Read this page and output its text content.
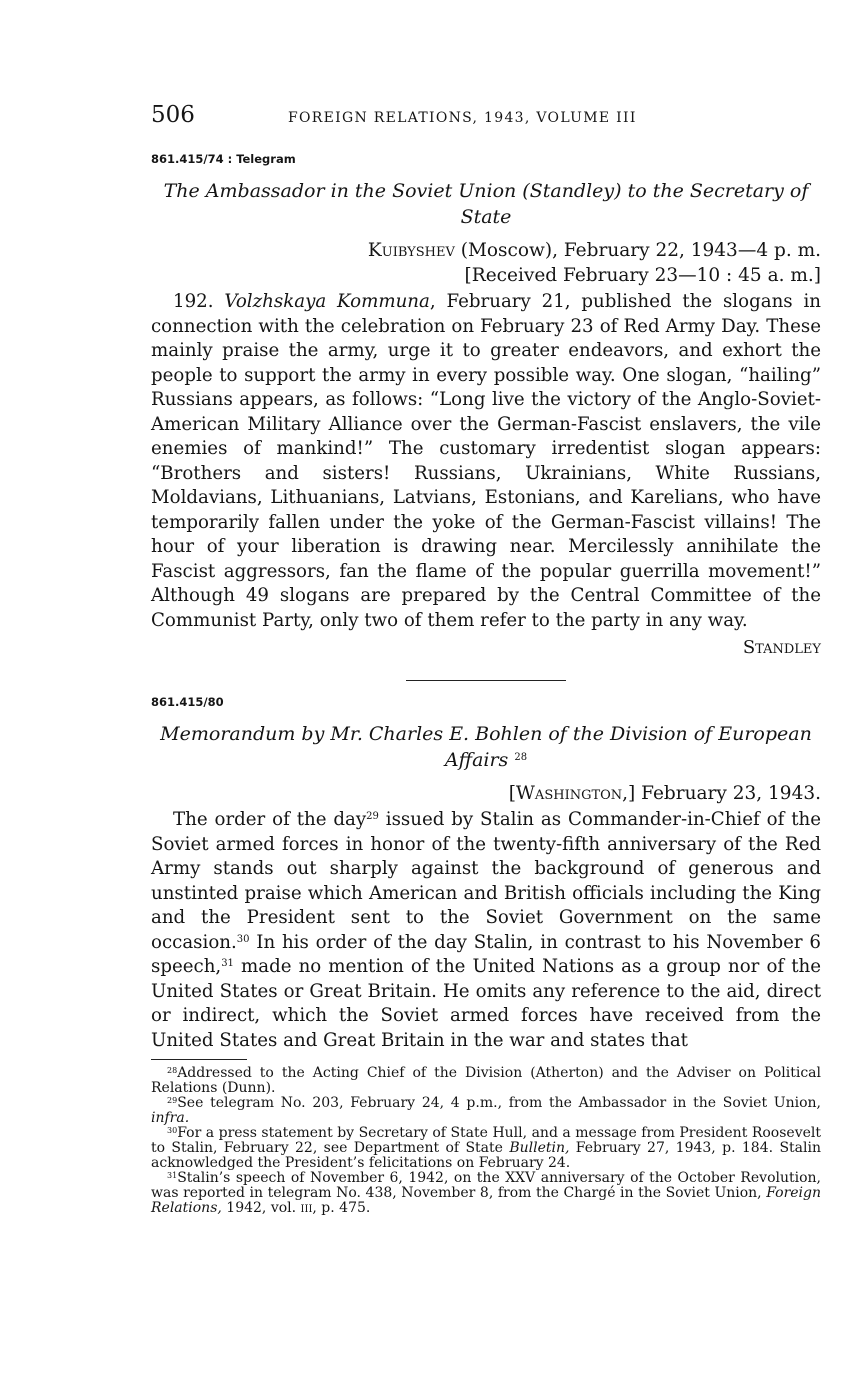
506	FOREIGN RELATIONS, 1943, VOLUME III
861.415/74 : Telegram
The Ambassador in the Soviet Union (Standley) to the Secretary of State
Kuibyshev (Moscow), February 22, 1943—4 p. m.
[Received February 23—10 : 45 a. m.]

192. Volzhskaya Kommuna, February 21, published the slogans in connection with the celebration on February 23 of Red Army Day. These mainly praise the army, urge it to greater endeavors, and exhort the people to support the army in every possible way. One slogan, “hailing” Russians appears, as follows: “Long live the victory of the Anglo-Soviet-American Military Alliance over the German-Fascist enslavers, the vile enemies of mankind!” The customary irredentist slogan appears: “Brothers and sisters! Russians, Ukrainians, White Russians, Moldavians, Lithuanians, Latvians, Estonians, and Karelians, who have temporarily fallen under the yoke of the German-Fascist villains! The hour of your liberation is drawing near. Mercilessly annihilate the Fascist aggressors, fan the flame of the popular guerrilla movement!” Although 49 slogans are prepared by the Central Committee of the Communist Party, only two of them refer to the party in any way.

Standley
861.415/80
Memorandum by Mr. Charles E. Bohlen of the Division of European Affairs $^{28}$
[Washington,] February 23, 1943.

The order of the day$^{29}$ issued by Stalin as Commander-in-Chief of the Soviet armed forces in honor of the twenty-fifth anniversary of the Red Army stands out sharply against the background of generous and unstinted praise which American and British officials including the King and the President sent to the Soviet Government on the same occasion.$^{30}$ In his order of the day Stalin, in contrast to his November 6 speech,$^{31}$ made no mention of the United Nations as a group nor of the United States or Great Britain. He omits any reference to the aid, direct or indirect, which the Soviet armed forces have received from the United States and Great Britain in the war and states that

$^{28}$Addressed to the Acting Chief of the Division (Atherton) and the Adviser on Political Relations (Dunn).

$^{29}$See telegram No. 203, February 24, 4 p.m., from the Ambassador in the Soviet Union, infra.

$^{30}$For a press statement by Secretary of State Hull, and a message from President Roosevelt to Stalin, February 22, see Department of State Bulletin, February 27, 1943, p. 184. Stalin acknowledged the President’s felicitations on February 24.

$^{31}$Stalin’s speech of November 6, 1942, on the XXV anniversary of the October Revolution, was reported in telegram No. 438, November 8, from the Chargé in the Soviet Union, Foreign Relations, 1942, vol. iii, p. 475.
